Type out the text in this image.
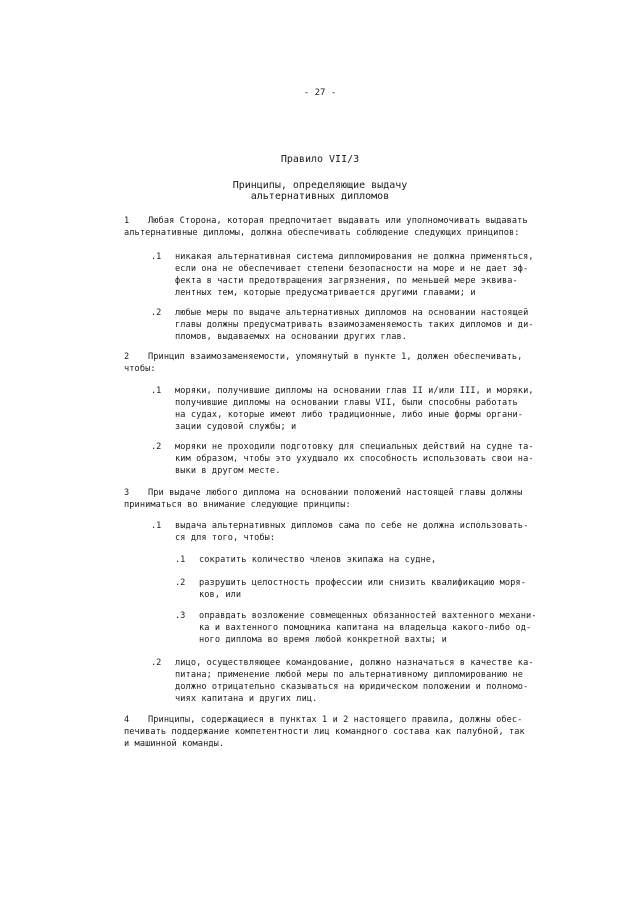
- 27 -
Правило VII/3
Принципы, определяющие выдачу
альтернативных дипломов
1 Любая Сторона, которая предпочитает выдавать или уполномочивать выдавать
альтернативные дипломы, должна обеспечивать соблюдение следующих принципов:
.1 никакая альтернативная система дипломирования не должна применяться,
если она не обеспечивает степени безопасности на море и не дает эф-
фекта в части предотвращения загрязнения, по меньшей мере эквива-
лентных тем, которые предусматривается другими главами; и
.2 любые меры по выдаче альтернативных дипломов на основании настоящей
главы должны предусматривать взаимозаменяемость таких дипломов и ди-
пломов, выдаваемых на основании других глав.
2 Принцип взаимозаменяемости, упомянутый в пункте 1, должен обеспечивать,
чтобы:
.1 моряки, получившие дипломы на основании глав II и/или III, и моряки,
получившие дипломы на основании главы VII, были способны работать
на судах, которые имеют либо традиционные, либо иные формы органи-
зации судовой службы; и
.2 моряки не проходили подготовку для специальных действий на судне та-
ким образом, чтобы это ухудшало их способность использовать свои на-
выки в другом месте.
3 При выдаче любого диплома на основании положений настоящей главы должны
приниматься во внимание следующие принципы:
.1 выдача альтернативных дипломов сама по себе не должна использовать-
ся для того, чтобы:
.1 сократить количество членов экипажа на судне,
.2 разрушить целостность профессии или снизить квалификацию моря-
ков, или
.3 оправдать возложение совмещенных обязанностей вахтенного механи-
ка и вахтенного помощника капитана на владельца какого-либо од-
ного диплома во время любой конкретной вахты; и
.2 лицо, осуществляющее командование, должно назначаться в качестве ка-
питана; применение любой меры по альтернативному дипломированию не
должно отрицательно сказываться на юридическом положении и полномо-
чиях капитана и других лиц.
4 Принципы, содержащиеся в пунктах 1 и 2 настоящего правила, должны обес-
печивать поддержание компетентности лиц командного состава как палубной, так
и машинной команды.
